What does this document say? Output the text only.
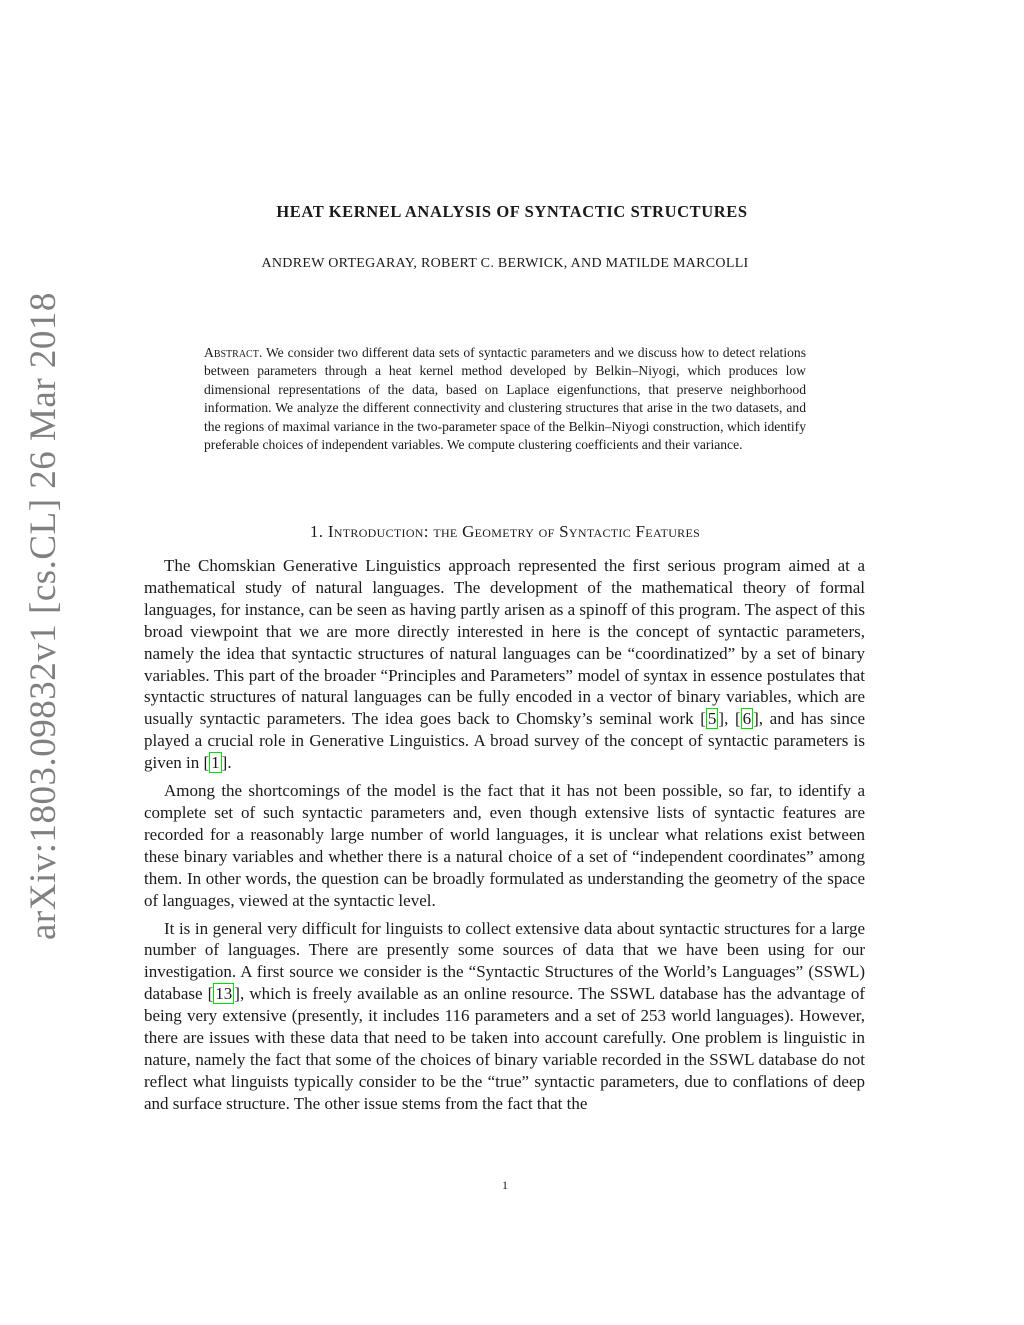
arXiv:1803.09832v1 [cs.CL] 26 Mar 2018
HEAT KERNEL ANALYSIS OF SYNTACTIC STRUCTURES
ANDREW ORTEGARAY, ROBERT C. BERWICK, AND MATILDE MARCOLLI
Abstract. We consider two different data sets of syntactic parameters and we discuss how to detect relations between parameters through a heat kernel method developed by Belkin–Niyogi, which produces low dimensional representations of the data, based on Laplace eigenfunctions, that preserve neighborhood information. We analyze the different connectivity and clustering structures that arise in the two datasets, and the regions of maximal variance in the two-parameter space of the Belkin–Niyogi construction, which identify preferable choices of independent variables. We compute clustering coefficients and their variance.
1. Introduction: the Geometry of Syntactic Features

The Chomskian Generative Linguistics approach represented the first serious program aimed at a mathematical study of natural languages. The development of the mathematical theory of formal languages, for instance, can be seen as having partly arisen as a spinoff of this program. The aspect of this broad viewpoint that we are more directly interested in here is the concept of syntactic parameters, namely the idea that syntactic structures of natural languages can be “coordinatized” by a set of binary variables. This part of the broader “Principles and Parameters” model of syntax in essence postulates that syntactic structures of natural languages can be fully encoded in a vector of binary variables, which are usually syntactic parameters. The idea goes back to Chomsky’s seminal work [ 5 ], [ 6 ], and has since played a crucial role in Generative Linguistics. A broad survey of the concept of syntactic parameters is given in [ 1 ].

Among the shortcomings of the model is the fact that it has not been possible, so far, to identify a complete set of such syntactic parameters and, even though extensive lists of syntactic features are recorded for a reasonably large number of world languages, it is unclear what relations exist between these binary variables and whether there is a natural choice of a set of “independent coordinates” among them. In other words, the question can be broadly formulated as understanding the geometry of the space of languages, viewed at the syntactic level.

It is in general very difficult for linguists to collect extensive data about syntactic structures for a large number of languages. There are presently some sources of data that we have been using for our investigation. A first source we consider is the “Syntactic Structures of the World’s Languages” (SSWL) database [ 13 ], which is freely available as an online resource. The SSWL database has the advantage of being very extensive (presently, it includes 116 parameters and a set of 253 world languages). However, there are issues with these data that need to be taken into account carefully. One problem is linguistic in nature, namely the fact that some of the choices of binary variable recorded in the SSWL database do not reflect what linguists typically consider to be the “true” syntactic parameters, due to conflations of deep and surface structure. The other issue stems from the fact that the

1
